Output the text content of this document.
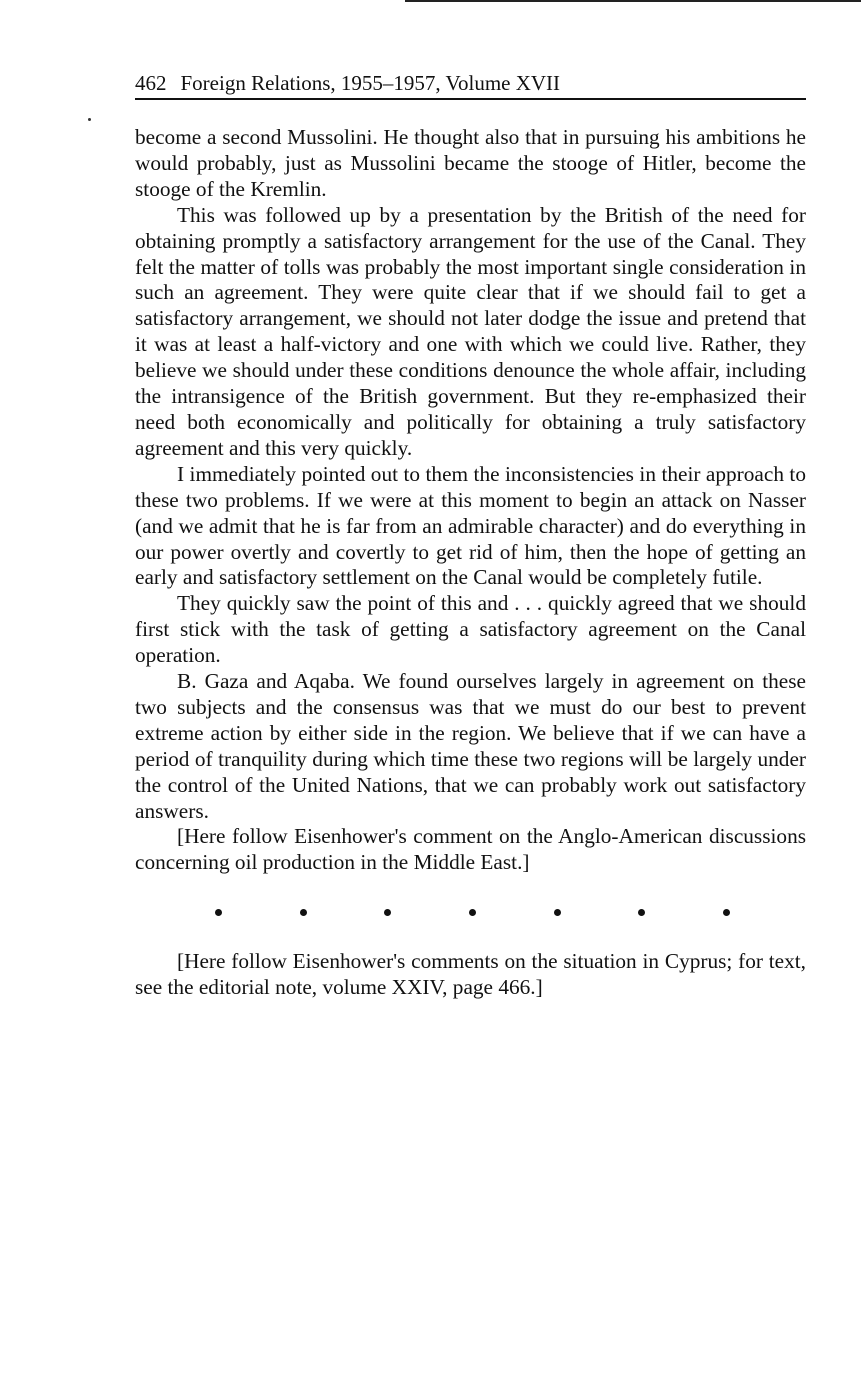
462 Foreign Relations, 1955–1957, Volume XVII

become a second Mussolini. He thought also that in pursuing his ambitions he would probably, just as Mussolini became the stooge of Hitler, become the stooge of the Kremlin.

This was followed up by a presentation by the British of the need for obtaining promptly a satisfactory arrangement for the use of the Canal. They felt the matter of tolls was probably the most important single consideration in such an agreement. They were quite clear that if we should fail to get a satisfactory arrangement, we should not later dodge the issue and pretend that it was at least a half-victory and one with which we could live. Rather, they believe we should under these conditions denounce the whole affair, including the intransigence of the British government. But they re-emphasized their need both economically and politically for obtaining a truly satisfactory agreement and this very quickly.

I immediately pointed out to them the inconsistencies in their approach to these two problems. If we were at this moment to begin an attack on Nasser (and we admit that he is far from an admirable character) and do everything in our power overtly and covertly to get rid of him, then the hope of getting an early and satisfactory settlement on the Canal would be completely futile.

They quickly saw the point of this and . . . quickly agreed that we should first stick with the task of getting a satisfactory agreement on the Canal operation.

B. Gaza and Aqaba. We found ourselves largely in agreement on these two subjects and the consensus was that we must do our best to prevent extreme action by either side in the region. We believe that if we can have a period of tranquility during which time these two regions will be largely under the control of the United Nations, that we can probably work out satisfactory answers.

[Here follow Eisenhower's comment on the Anglo-American discussions concerning oil production in the Middle East.]

[Here follow Eisenhower's comments on the situation in Cyprus; for text, see the editorial note, volume XXIV, page 466.]
